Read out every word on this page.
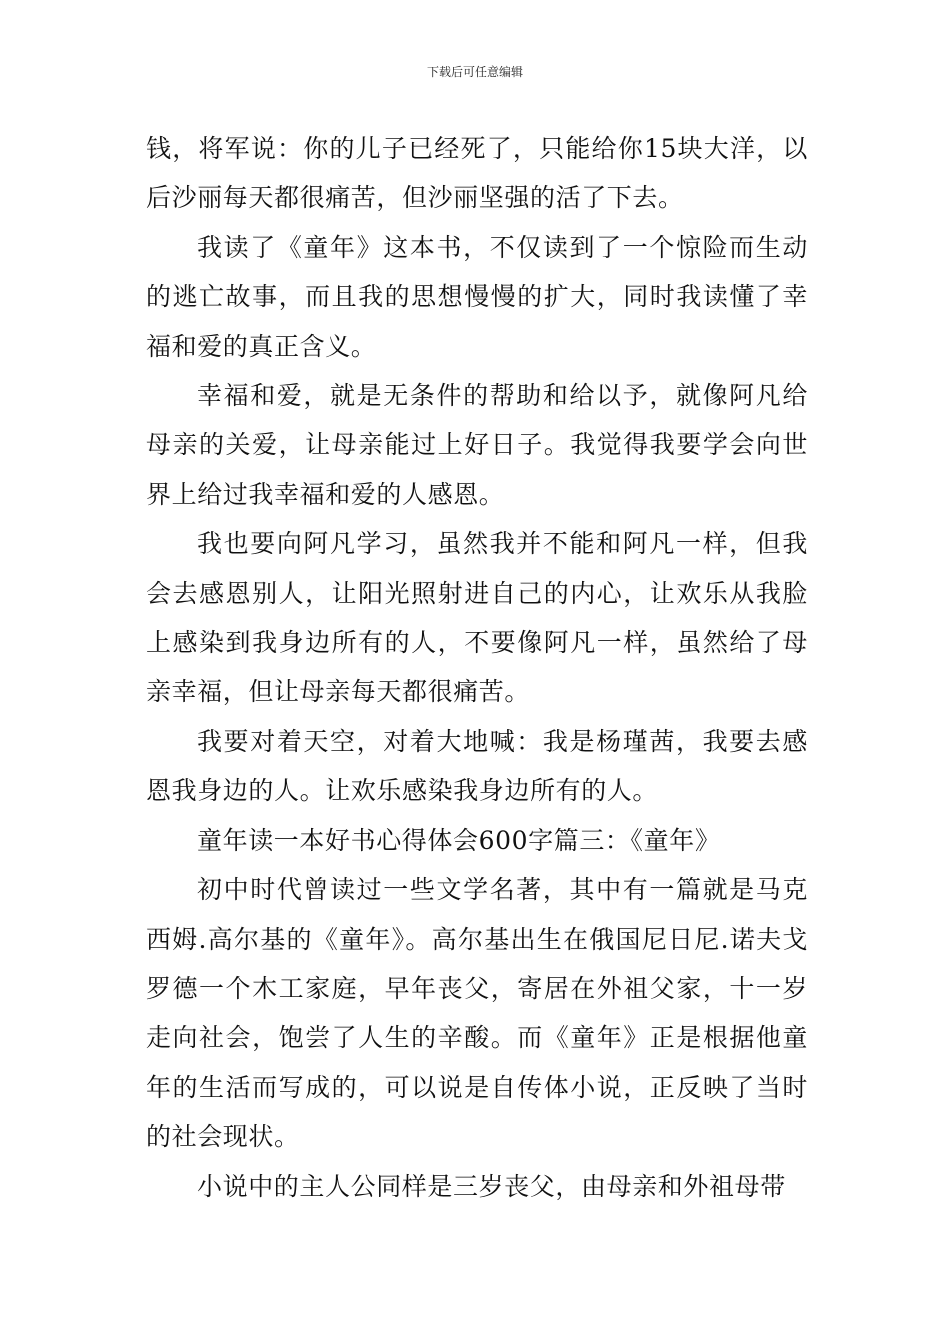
下载后可任意编辑

钱，将军说：你的儿子已经死了，只能给你15块大洋，以后沙丽每天都很痛苦，但沙丽坚强的活了下去。

我读了《童年》这本书，不仅读到了一个惊险而生动的逃亡故事，而且我的思想慢慢的扩大，同时我读懂了幸福和爱的真正含义。

幸福和爱，就是无条件的帮助和给以予，就像阿凡给母亲的关爱，让母亲能过上好日子。我觉得我要学会向世界上给过我幸福和爱的人感恩。

我也要向阿凡学习，虽然我并不能和阿凡一样，但我会去感恩别人，让阳光照射进自己的内心，让欢乐从我脸上感染到我身边所有的人，不要像阿凡一样，虽然给了母亲幸福，但让母亲每天都很痛苦。

我要对着天空，对着大地喊：我是杨瑾茜，我要去感恩我身边的人。让欢乐感染我身边所有的人。

童年读一本好书心得体会600字篇三：《童年》

初中时代曾读过一些文学名著，其中有一篇就是马克西姆.高尔基的《童年》。高尔基出生在俄国尼日尼.诺夫戈罗德一个木工家庭，早年丧父，寄居在外祖父家，十一岁走向社会，饱尝了人生的辛酸。而《童年》正是根据他童年的生活而写成的，可以说是自传体小说，正反映了当时的社会现状。

小说中的主人公同样是三岁丧父，由母亲和外祖母带
